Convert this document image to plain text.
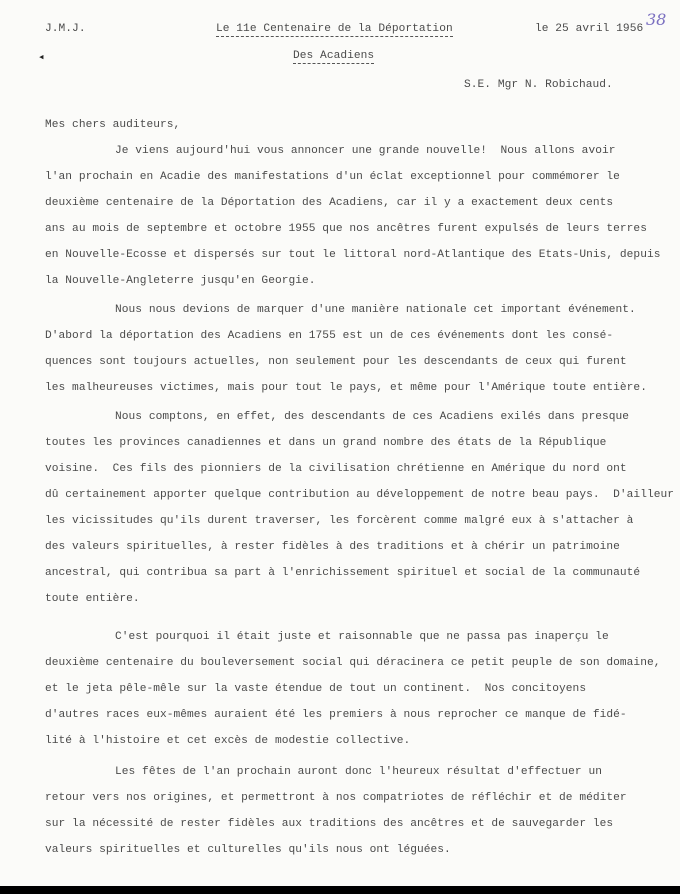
J.M.J.	Le 11e Centenaire de la Déportation	le 25 avril 1956 38
◂	Des Acadiens
S.E. Mgr N. Robichaud.
Mes chers auditeurs,
Je viens aujourd'hui vous annoncer une grande nouvelle!  Nous allons avoir
l'an prochain en Acadie des manifestations d'un éclat exceptionnel pour commémorer le
deuxième centenaire de la Déportation des Acadiens, car il y a exactement deux cents
ans au mois de septembre et octobre 1955 que nos ancêtres furent expulsés de leurs terres
en Nouvelle-Ecosse et dispersés sur tout le littoral nord-Atlantique des Etats-Unis, depuis
la Nouvelle-Angleterre jusqu'en Georgie.
Nous nous devions de marquer d'une manière nationale cet important événement.
D'abord la déportation des Acadiens en 1755 est un de ces événements dont les consé-
quences sont toujours actuelles, non seulement pour les descendants de ceux qui furent
les malheureuses victimes, mais pour tout le pays, et même pour l'Amérique toute entière.
Nous comptons, en effet, des descendants de ces Acadiens exilés dans presque
toutes les provinces canadiennes et dans un grand nombre des états de la République
voisine.  Ces fils des pionniers de la civilisation chrétienne en Amérique du nord ont
dû certainement apporter quelque contribution au développement de notre beau pays.  D'ailleur
les vicissitudes qu'ils durent traverser, les forcèrent comme malgré eux à s'attacher à
des valeurs spirituelles, à rester fidèles à des traditions et à chérir un patrimoine
ancestral, qui contribua sa part à l'enrichissement spirituel et social de la communauté
toute entière.
C'est pourquoi il était juste et raisonnable que ne passa pas inaperçu le
deuxième centenaire du bouleversement social qui déracinera ce petit peuple de son domaine,
et le jeta pêle-mêle sur la vaste étendue de tout un continent.  Nos concitoyens
d'autres races eux-mêmes auraient été les premiers à nous reprocher ce manque de fidé-
lité à l'histoire et cet excès de modestie collective.
Les fêtes de l'an prochain auront donc l'heureux résultat d'effectuer un
retour vers nos origines, et permettront à nos compatriotes de réfléchir et de méditer
sur la nécessité de rester fidèles aux traditions des ancêtres et de sauvegarder les
valeurs spirituelles et culturelles qu'ils nous ont léguées.
